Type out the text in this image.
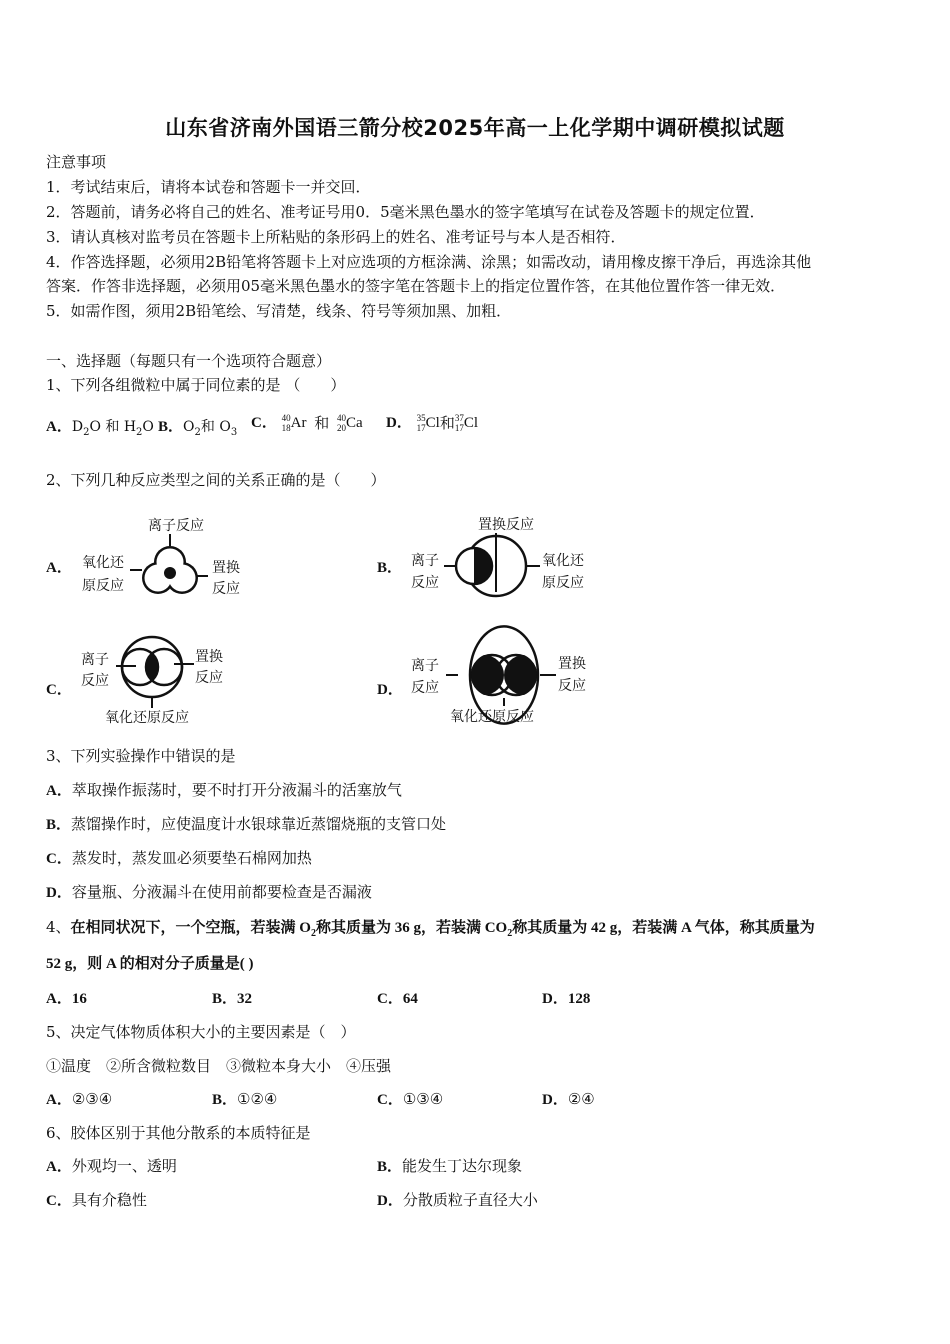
山东省济南外国语三箭分校2025年高一上化学期中调研模拟试题
注意事项
1．考试结束后，请将本试卷和答题卡一并交回．
2．答题前，请务必将自己的姓名、准考证号用0．5毫米黑色墨水的签字笔填写在试卷及答题卡的规定位置．
3．请认真核对监考员在答题卡上所粘贴的条形码上的姓名、准考证号与本人是否相符．
4．作答选择题，必须用2B铅笔将答题卡上对应选项的方框涂满、涂黑；如需改动，请用橡皮擦干净后，再选涂其他
答案．作答非选择题，必须用05毫米黑色墨水的签字笔在答题卡上的指定位置作答，在其他位置作答一律无效．
5．如需作图，须用2B铅笔绘、写清楚，线条、符号等须加黑、加粗．
一、选择题（每题只有一个选项符合题意）
1、下列各组微粒中属于同位素的是 （　　）
A．$D_2O$ 和 $H_2O$ B．$O_2$和 $O_3$
C． 40
18Ar 和 40
20Ca D． 35
17Cl和37
17Cl
2、下列几种反应类型之间的关系正确的是（　　）
A．
离子反应
氧化还
原反应
置换
反应
B．
置换反应
离子
反应
氧化还
原反应
C．
离子
反应
置换
反应
氧化还原反应
D．
离子
反应
置换
反应
氧化还原反应
3、下列实验操作中错误的是
A．萃取操作振荡时，要不时打开分液漏斗的活塞放气
B．蒸馏操作时，应使温度计水银球靠近蒸馏烧瓶的支管口处
C．蒸发时，蒸发皿必须要垫石棉网加热
D．容量瓶、分液漏斗在使用前都要检查是否漏液
4、在相同状况下，一个空瓶，若装满 $O_2$称其质量为 36 g，若装满 $CO_2$称其质量为 42 g，若装满 A 气体，称其质量为
52 g，则 A 的相对分子质量是( )
A．16	B．32	C．64	D．128
5、决定气体物质体积大小的主要因素是（　）
①温度　②所含微粒数目　③微粒本身大小　④压强
A．②③④	B．①②④	C．①③④	D．②④
6、胶体区别于其他分散系的本质特征是
A．外观均一、透明	B．能发生丁达尔现象
C．具有介稳性	D．分散质粒子直径大小
